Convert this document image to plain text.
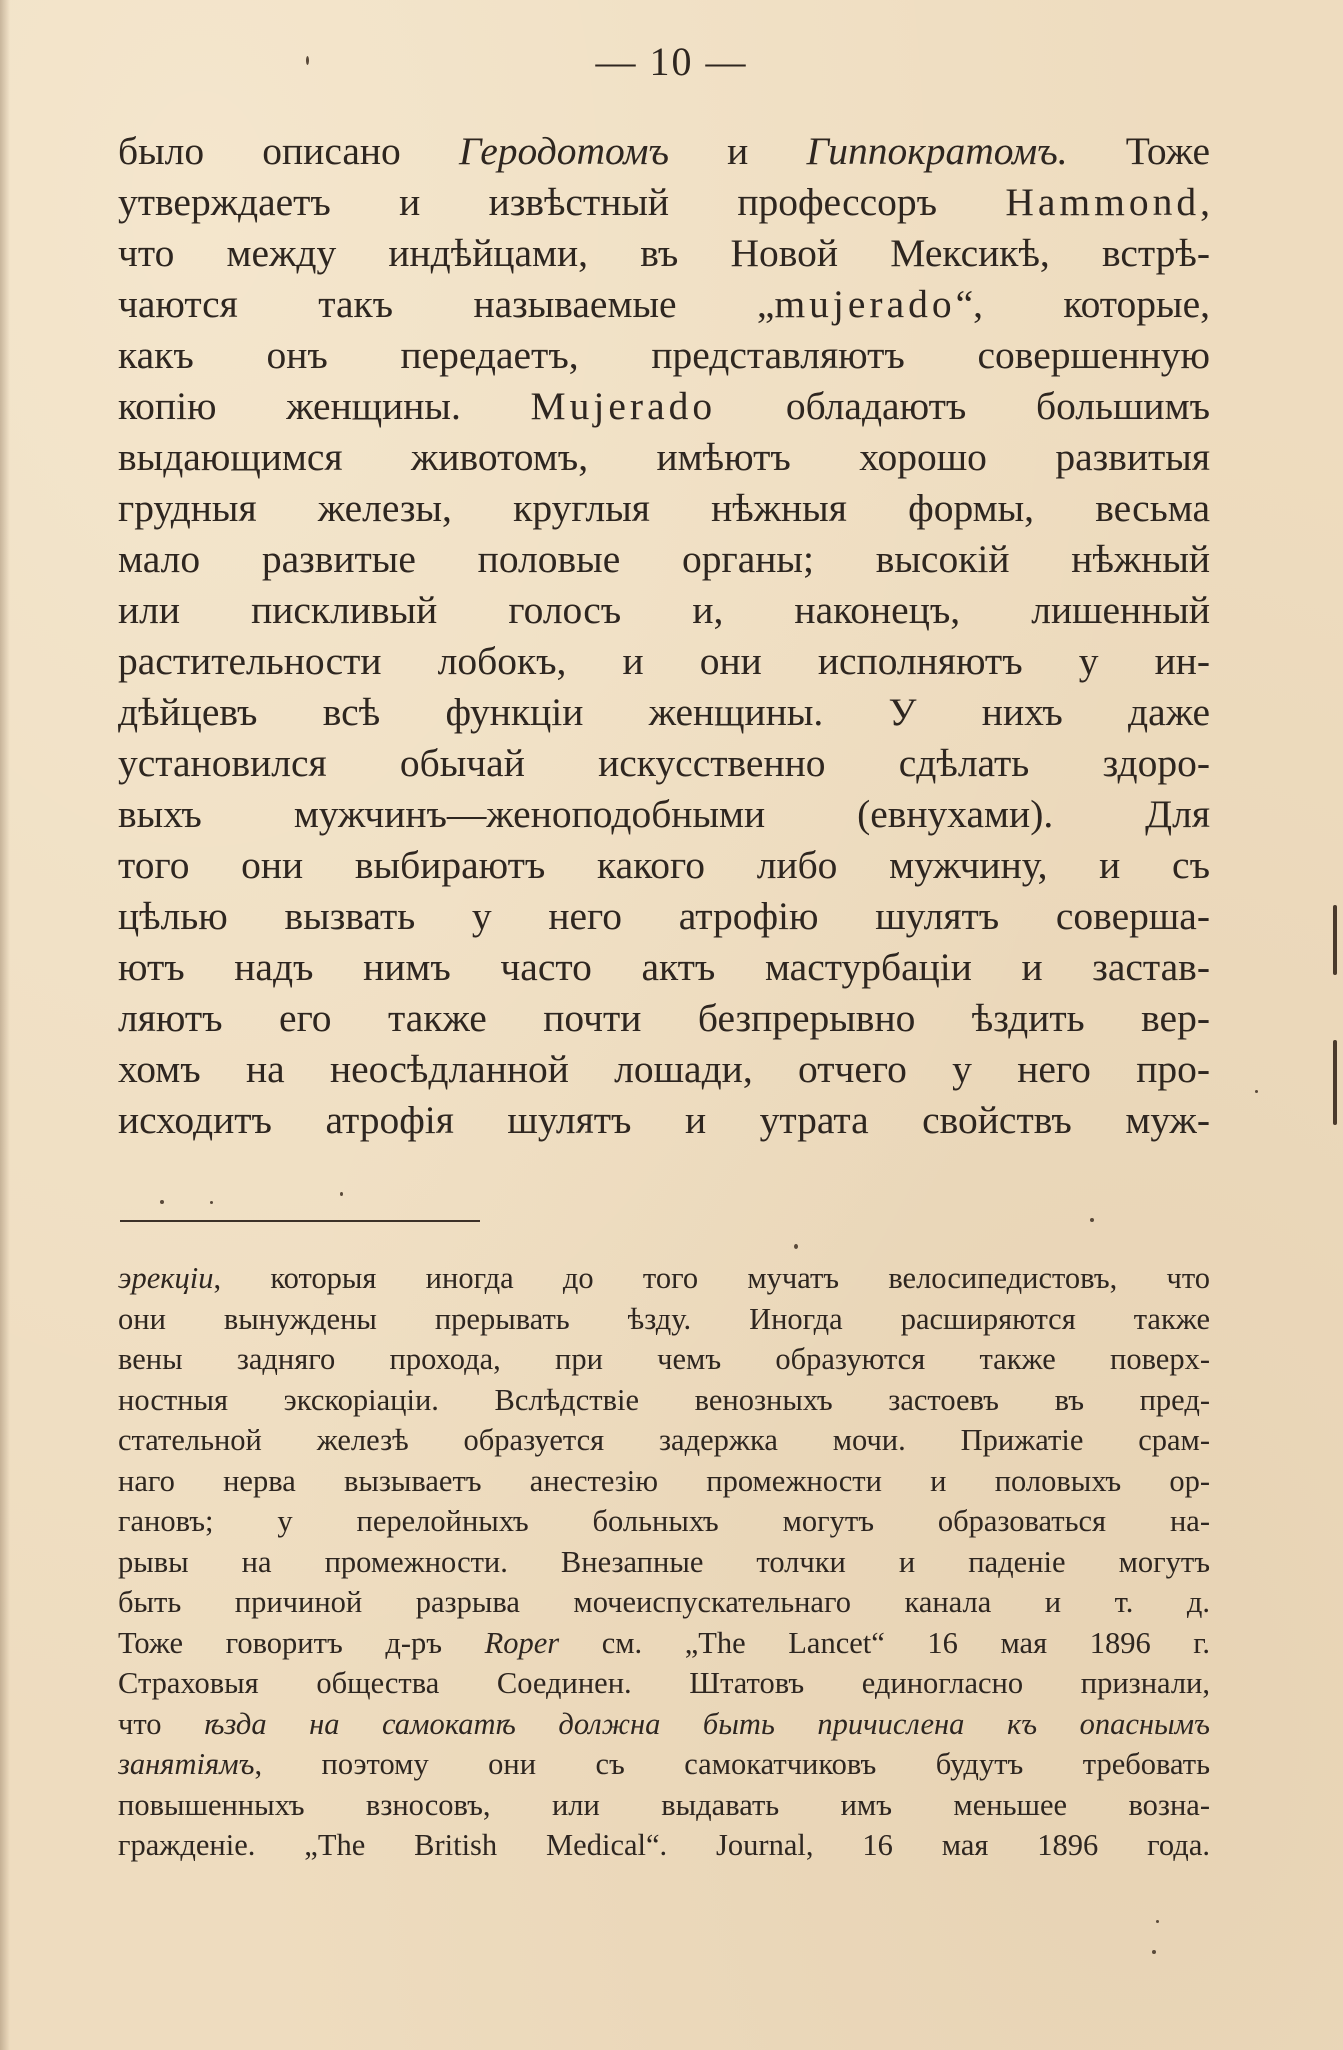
— 10 —
было описано Геродотомъ и Гиппократомъ. Тоже
утверждаетъ и извѣстный профессоръ Hammond,
что между индѣйцами, въ Новой Мексикѣ, встрѣ-
чаются такъ называемые „mujerado“, которые,
какъ онъ передаетъ, представляютъ совершенную
копiю женщины. Mujerado обладаютъ большимъ
выдающимся животомъ, имѣютъ хорошо развитыя
грудныя железы, круглыя нѣжныя формы, весьма
мало развитые половые органы; высокiй нѣжный
или пискливый голосъ и, наконецъ, лишенный
растительности лобокъ, и они исполняютъ у ин-
дѣйцевъ всѣ функцiи женщины. У нихъ даже
установился обычай искусственно сдѣлать здоро-
выхъ мужчинъ—женоподобными (евнухами). Для
того они выбираютъ какого либо мужчину, и съ
цѣлью вызвать у него атрофiю шулятъ соверша-
ютъ надъ нимъ часто актъ мастурбацiи и застав-
ляютъ его также почти безпрерывно ѣздить вер-
хомъ на неосѣдланной лошади, отчего у него про-
исходитъ атрофiя шулятъ и утрата свойствъ муж-
эрекцiи, которыя иногда до того мучатъ велосипедистовъ, что
они вынуждены прерывать ѣзду. Иногда расширяются также
вены задняго прохода, при чемъ образуются также поверх-
ностныя экскорiацiи. Вслѣдствiе венозныхъ застоевъ въ пред-
стательной железѣ образуется задержка мочи. Прижатiе срам-
наго нерва вызываетъ анестезiю промежности и половыхъ ор-
гановъ; у перелойныхъ больныхъ могутъ образоваться на-
рывы на промежности. Внезапные толчки и паденiе могутъ
быть причиной разрыва мочеиспускательнаго канала и т. д.
Тоже говоритъ д-ръ Roper см. „The Lancet“ 16 мая 1896 г.
Страховыя общества Соединен. Штатовъ единогласно признали,
что ѣзда на самокатѣ должна быть причислена къ опаснымъ
занятiямъ, поэтому они съ самокатчиковъ будутъ требовать
повышенныхъ взносовъ, или выдавать имъ меньшее возна-
гражденiе. „The British Medical“. Journal, 16 мая 1896 года.
